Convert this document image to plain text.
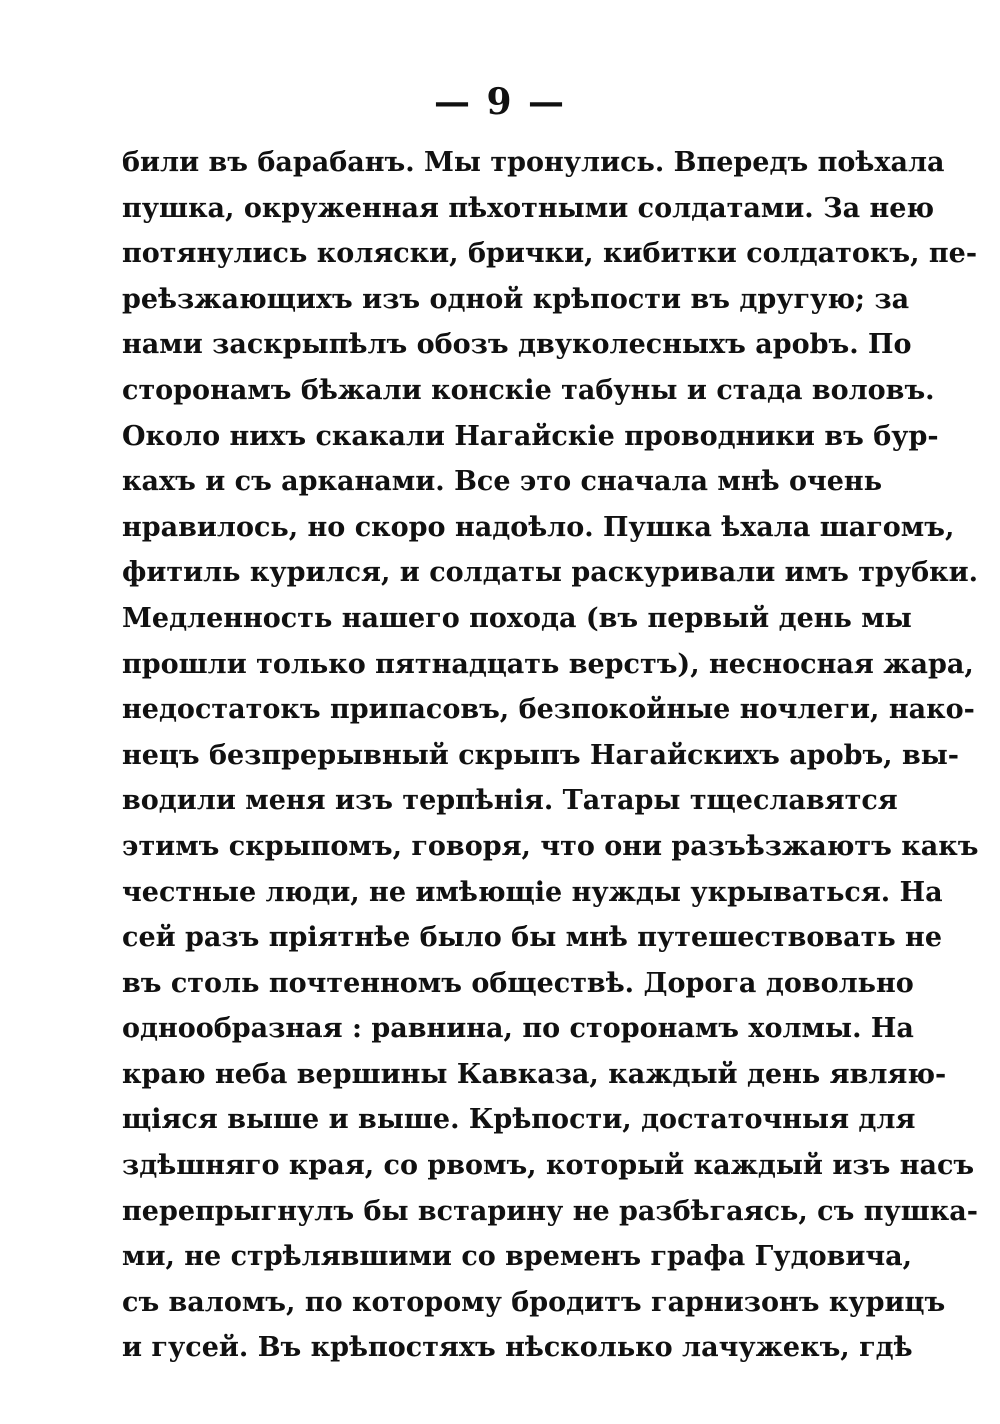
— 9 —
били въ барабанъ. Мы тронулись. Впередъ поѣхала
пушка, окруженная пѣхотными солдатами. За нею
потянулись коляски, брички, кибитки солдатокъ, пе-
реѣзжающихъ изъ одной крѣпости въ другую; за
нами заскрыпѣлъ обозъ двуколесныхъ арobъ. По
сторонамъ бѣжали конскіе табуны и стада воловъ.
Около нихъ скакали Нагайскіе проводники въ бур-
кахъ и съ арканами. Все это сначала мнѣ очень
нравилось, но скоро надоѣло. Пушка ѣхала шагомъ,
фитиль курился, и солдаты раскуривали имъ трубки.
Медленность нашего похода (въ первый день мы
прошли только пятнадцать верстъ), несносная жара,
недостатокъ припасовъ, безпокойные ночлеги, нако-
нецъ безпрерывный скрыпъ Нагайскихъ арobъ, вы-
водили меня изъ терпѣнія. Татары тщеславятся
этимъ скрыпомъ, говоря, что они разъѣзжаютъ какъ
честные люди, не имѣющіе нужды укрываться. На
сей разъ пріятнѣе было бы мнѣ путешествовать не
въ столь почтенномъ обществѣ. Дорога довольно
однообразная : равнина, по сторонамъ холмы. На
краю неба вершины Кавказа, каждый день являю-
щіяся выше и выше. Крѣпости, достаточныя для
здѣшняго края, со рвомъ, который каждый изъ насъ
перепрыгнулъ бы встарину не разбѣгаясь, съ пушка-
ми, не стрѣлявшими со временъ графа Гудовича,
съ валомъ, по которому бродитъ гарнизонъ курицъ
и гусей. Въ крѣпостяхъ нѣсколько лачужекъ, гдѣ
